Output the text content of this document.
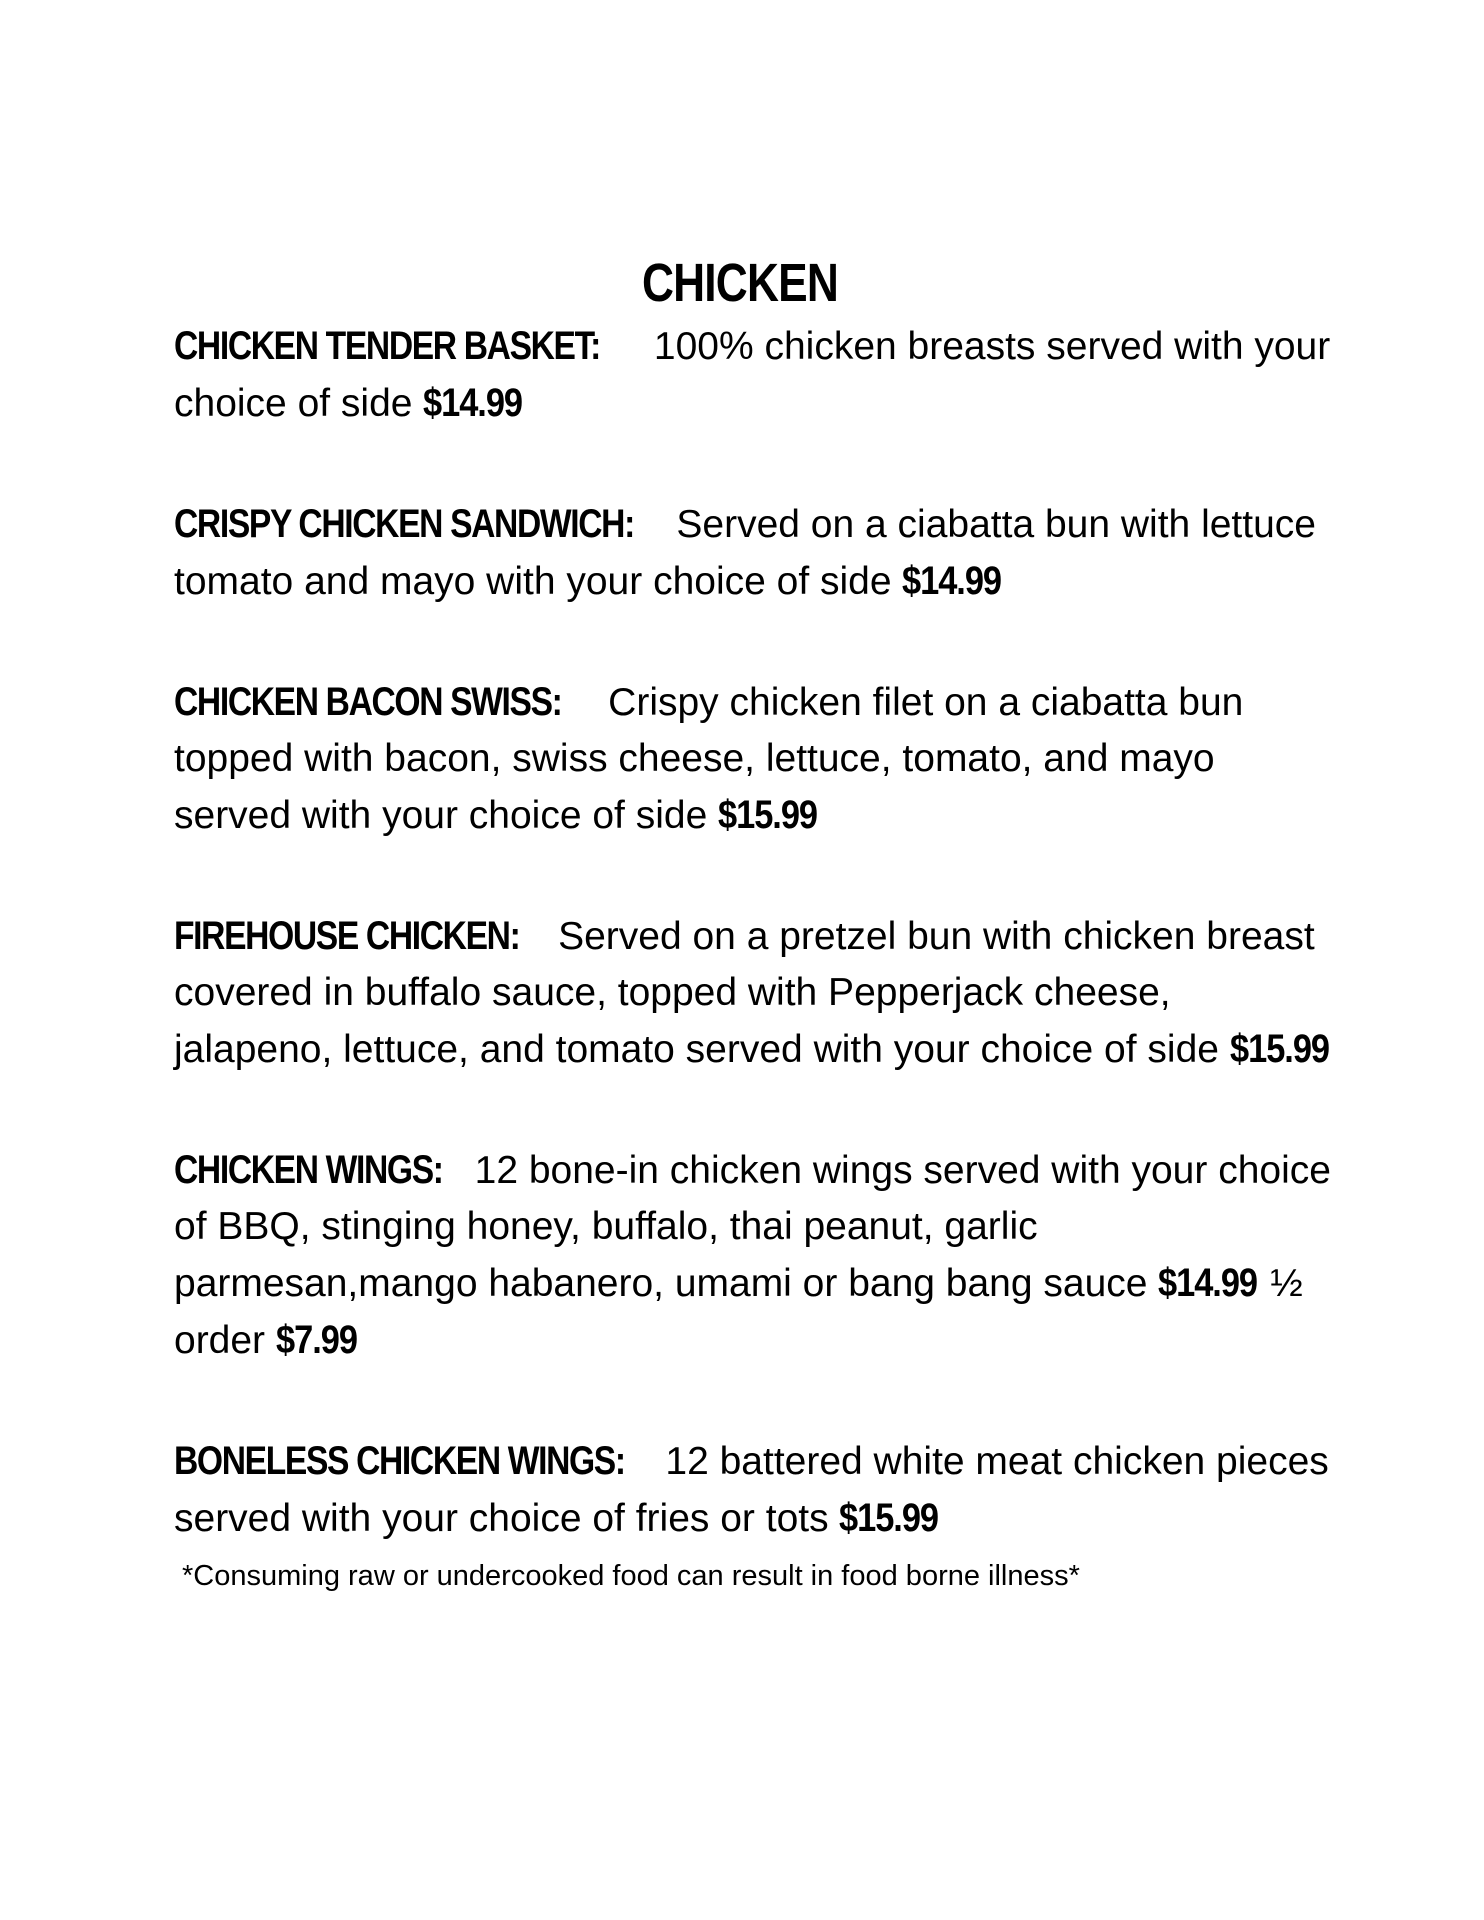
CHICKEN

CHICKEN TENDER BASKET: 100% chicken breasts served with your choice of side $14.99

CRISPY CHICKEN SANDWICH: Served on a ciabatta bun with lettuce tomato and mayo with your choice of side $14.99

CHICKEN BACON SWISS: Crispy chicken filet on a ciabatta bun topped with bacon, swiss cheese, lettuce, tomato, and mayo served with your choice of side $15.99

FIREHOUSE CHICKEN: Served on a pretzel bun with chicken breast covered in buffalo sauce, topped with Pepperjack cheese, jalapeno, lettuce, and tomato served with your choice of side $15.99

CHICKEN WINGS: 12 bone-in chicken wings served with your choice of BBQ, stinging honey, buffalo, thai peanut, garlic parmesan,mango habanero, umami or bang bang sauce $14.99 ½ order $7.99

BONELESS CHICKEN WINGS: 12 battered white meat chicken pieces served with your choice of fries or tots $15.99

*Consuming raw or undercooked food can result in food borne illness*
